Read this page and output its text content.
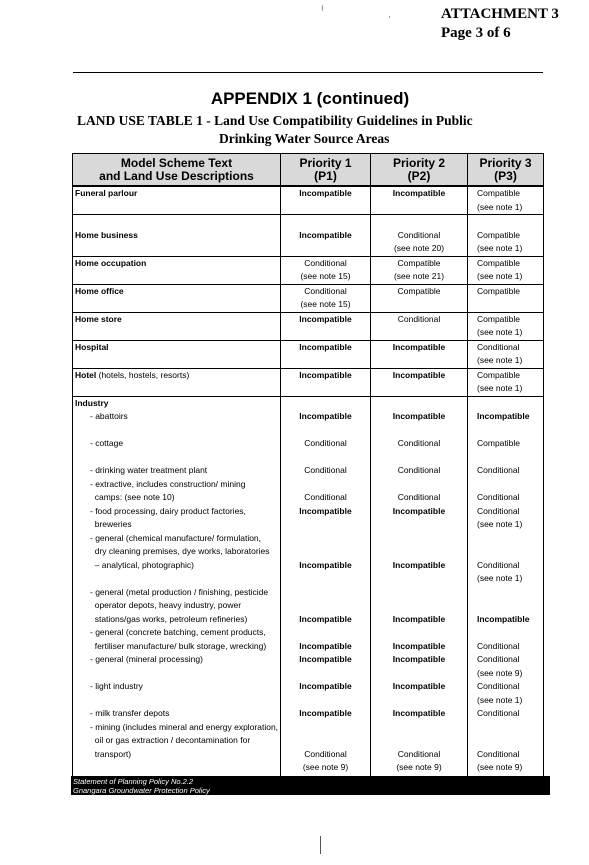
ATTACHMENT 3
Page 3 of 6
APPENDIX 1 (continued)
LAND USE TABLE 1 - Land Use Compatibility Guidelines in Public
Drinking Water Source Areas
Model Scheme Text
and Land Use Descriptions	Priority 1
(P1)	Priority 2
(P2)	Priority 3
(P3)

Funeral parlour	Incompatible	Incompatible	Compatible
(see note 1)

Home business	Incompatible	Conditional
(see note 20)	Compatible
(see note 1)

Home occupation	Conditional
(see note 15)	Compatible
(see note 21)	Compatible
(see note 1)

Home office	Conditional
(see note 15)	Compatible	Compatible

Home store	Incompatible	Conditional	Compatible
(see note 1)

Hospital	Incompatible	Incompatible	Conditional
(see note 1)

Hotel (hotels, hostels, resorts)	Incompatible	Incompatible	Compatible
(see note 1)

Industry
- abattoirs	Incompatible	Incompatible	Incompatible

- cottage	Conditional	Conditional	Compatible

- drinking water treatment plant	Conditional	Conditional	Conditional

- extractive, includes construction/ mining
camps: (see note 10)	Conditional	Conditional	Conditional

- food processing, dairy product factories,
breweries	Incompatible	Incompatible	Conditional
(see note 1)

- general (chemical manufacture/ formulation,
dry cleaning premises, dye works, laboratories
– analytical, photographic)	Incompatible	Incompatible	Conditional
(see note 1)

- general (metal production / finishing, pesticide
operator depots, heavy industry, power
stations/gas works, petroleum refineries)	Incompatible	Incompatible	Incompatible

- general (concrete batching, cement products,
fertiliser manufacture/ bulk storage, wrecking)	Incompatible	Incompatible	Conditional

- general (mineral processing)	Incompatible	Incompatible	Conditional
(see note 9)

- light industry	Incompatible	Incompatible	Conditional
(see note 1)

- milk transfer depots	Incompatible	Incompatible	Conditional

- mining (includes mineral and energy exploration,
oil or gas extraction / decontamination for
transport)	Conditional
(see note 9)	Conditional
(see note 9)	Conditional
(see note 9)
Statement of Planning Policy No.2.2
Gnangara Groundwater Protection Policy
11
